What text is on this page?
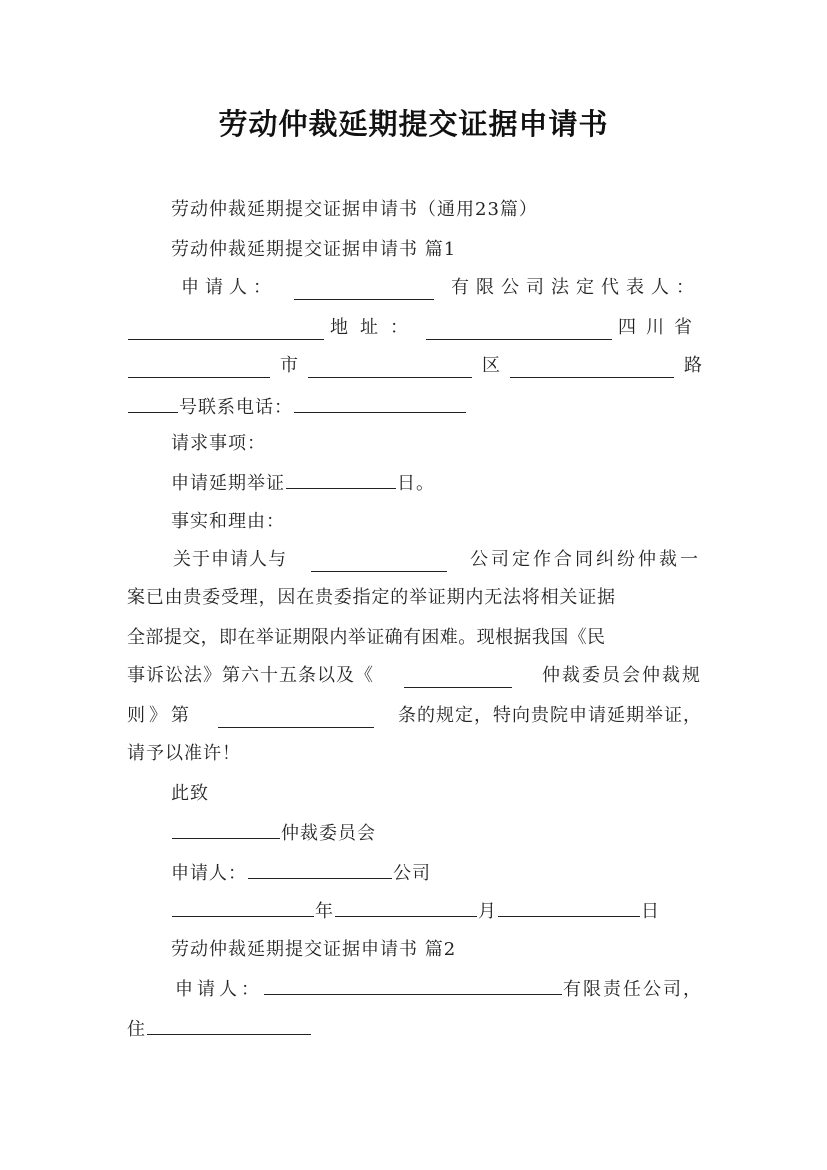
劳动仲裁延期提交证据申请书
劳动仲裁延期提交证据申请书（通用23篇）
劳动仲裁延期提交证据申请书 篇1
申请人：	有限公司法定代表人：
地址：	四川省
市	区	路
号联系电话：
请求事项：
申请延期举证	日。
事实和理由：
关于申请人与	公司定作合同纠纷仲裁一
案已由贵委受理，因在贵委指定的举证期内无法将相关证据
全部提交，即在举证期限内举证确有困难。现根据我国《民
事诉讼法》第六十五条以及《	仲裁委员会仲裁规
则》第	条的规定，特向贵院申请延期举证，
请予以准许！
此致
仲裁委员会
申请人：	公司
年	月	日
劳动仲裁延期提交证据申请书 篇2
申请人：	有限责任公司，
住
